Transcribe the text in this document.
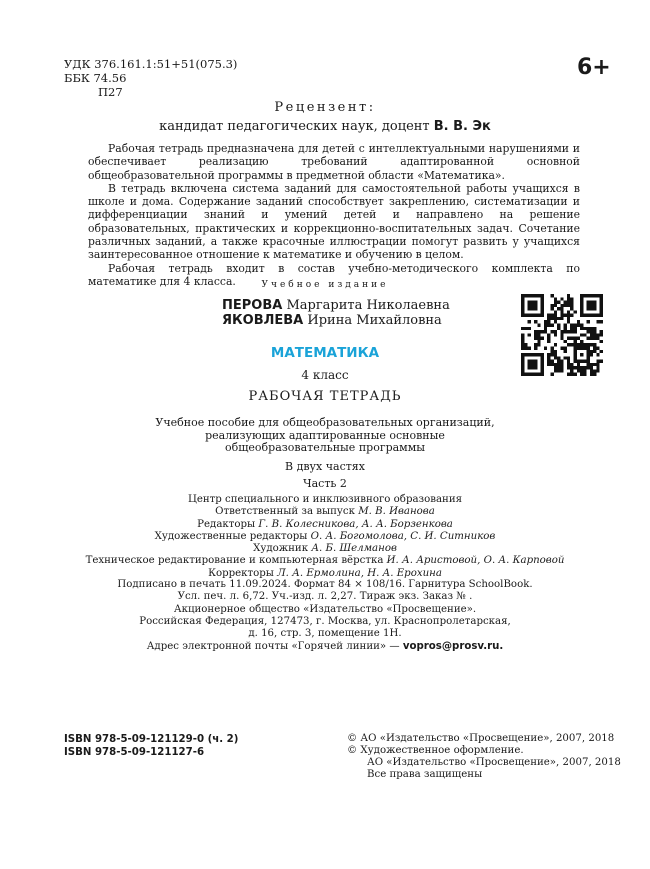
УДК 376.161.1:51+51(075.3)
ББК 74.56
П27
6+
Рецензент:
кандидат педагогических наук, доцент В. В. Эк

Рабочая тетрадь предназначена для детей с интеллектуальными нарушениями и обеспечивает реализацию требований адаптированной основной общеобразовательной программы в предметной области «Математика».

В тетрадь включена система заданий для самостоятельной работы учащихся в школе и дома. Содержание заданий способствует закреплению, систематизации и дифференциации знаний и умений детей и направлено на решение образовательных, практических и коррекционно-воспитательных задач. Сочетание различных заданий, а также красочные иллюстрации помогут развить у учащихся заинтересованное отношение к математике и обучению в целом.

Рабочая тетрадь входит в состав учебно-методического комплекта по математике для 4 класса.	Учебное издание
ПЕРОВА Маргарита Николаевна
ЯКОВЛЕВА Ирина Михайловна
МАТЕМАТИКА
4 класс
РАБОЧАЯ ТЕТРАДЬ
Учебное пособие для общеобразовательных организаций,
реализующих адаптированные основные
общеобразовательные программы
В двух частях
Часть 2
Центр специального и инклюзивного образования
Ответственный за выпуск М. В. Иванова
Редакторы Г. В. Колесникова, А. А. Борзенкова
Художественные редакторы О. А. Богомолова, С. И. Ситников
Художник А. Б. Шелманов
Техническое редактирование и компьютерная вёрстка И. А. Аристовой, О. А. Карповой
Корректоры Л. А. Ермолина, Н. А. Ерохина
Подписано в печать 11.09.2024. Формат 84 × 108/16. Гарнитура SchoolBook.
Усл. печ. л. 6,72. Уч.-изд. л. 2,27. Тираж экз. Заказ № .
Акционерное общество «Издательство «Просвещение».
Российская Федерация, 127473, г. Москва, ул. Краснопролетарская,
д. 16, стр. 3, помещение 1Н.
Адрес электронной почты «Горячей линии» — vopros@prosv.ru.
ISBN 978-5-09-121129-0 (ч. 2)
ISBN 978-5-09-121127-6
© АО «Издательство «Просвещение», 2007, 2018
© Художественное оформление.
АО «Издательство «Просвещение», 2007, 2018
Все права защищены
